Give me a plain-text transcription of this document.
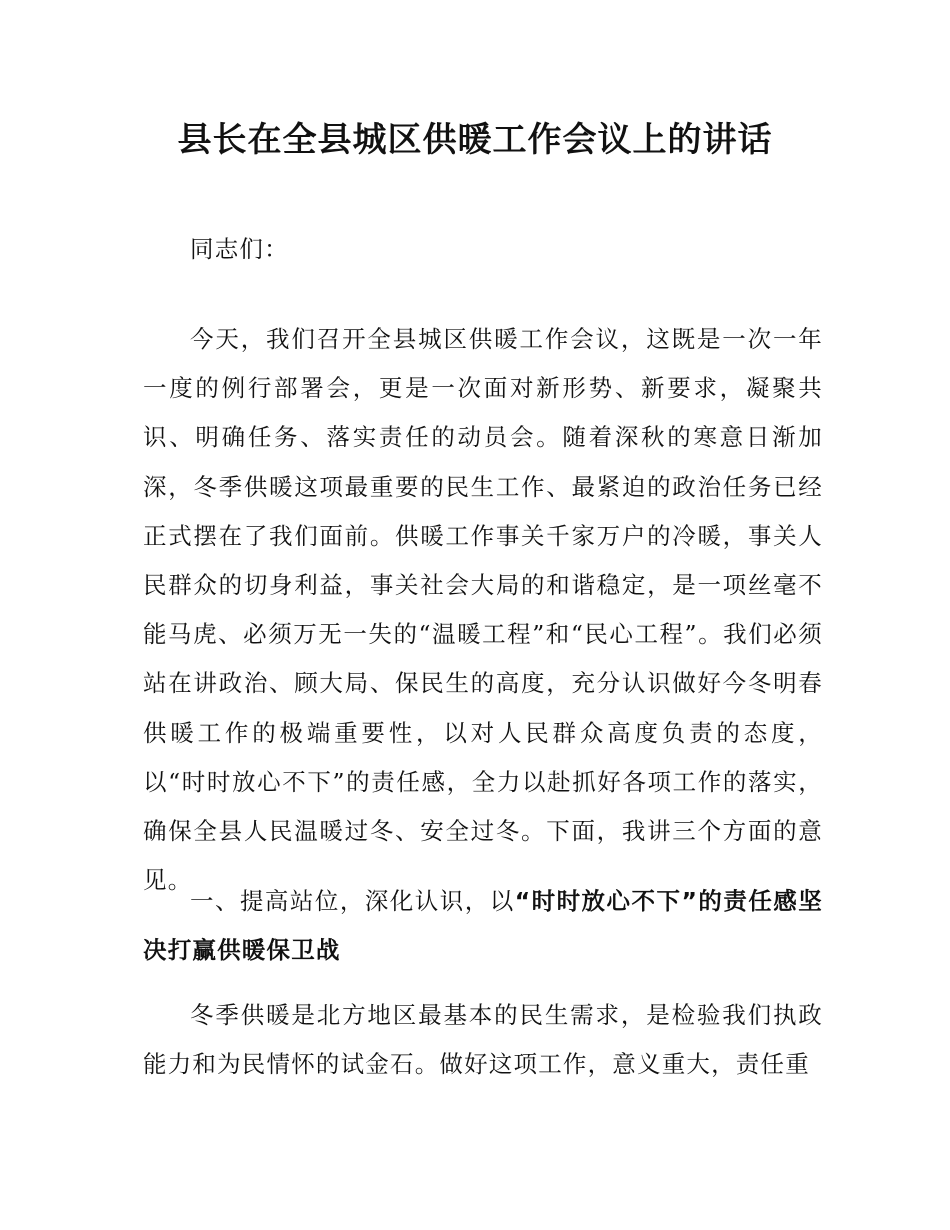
县长在全县城区供暖工作会议上的讲话

同志们：

今天，我们召开全县城区供暖工作会议，这既是一次一年一度的例行部署会，更是一次面对新形势、新要求，凝聚共识、明确任务、落实责任的动员会。随着深秋的寒意日渐加深，冬季供暖这项最重要的民生工作、最紧迫的政治任务已经正式摆在了我们面前。供暖工作事关千家万户的冷暖，事关人民群众的切身利益，事关社会大局的和谐稳定，是一项丝毫不能马虎、必须万无一失的“温暖工程”和“民心工程”。我们必须站在讲政治、顾大局、保民生的高度，充分认识做好今冬明春供暖工作的极端重要性，以对人民群众高度负责的态度，以“时时放心不下”的责任感，全力以赴抓好各项工作的落实，确保全县人民温暖过冬、安全过冬。下面，我讲三个方面的意见。

一、提高站位，深化认识，以“时时放心不下”的责任感坚决打赢供暖保卫战

冬季供暖是北方地区最基本的民生需求，是检验我们执政能力和为民情怀的试金石。做好这项工作，意义重大，责任重
